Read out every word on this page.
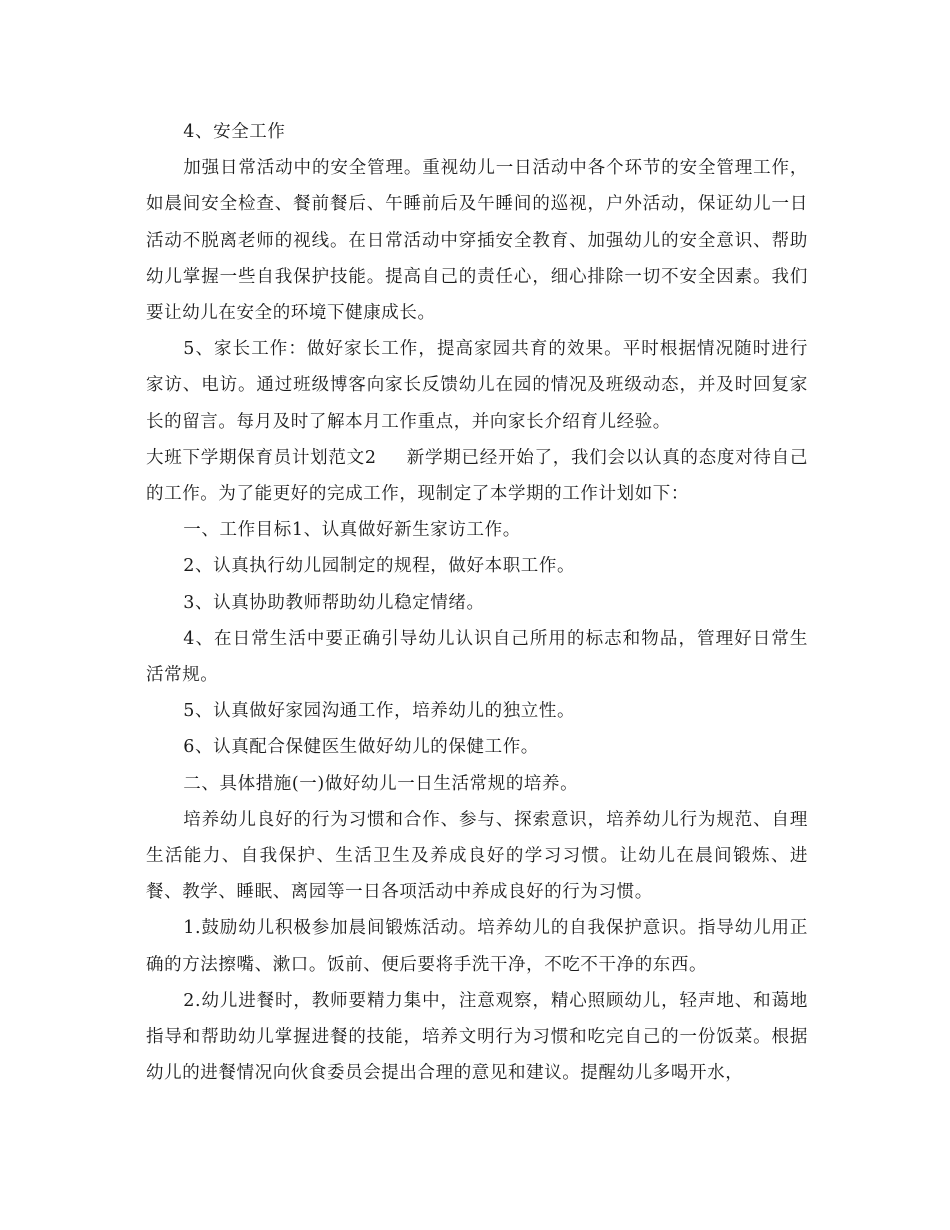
4、安全工作

加强日常活动中的安全管理。重视幼儿一日活动中各个环节的安全管理工作，如晨间安全检查、餐前餐后、午睡前后及午睡间的巡视，户外活动，保证幼儿一日活动不脱离老师的视线。在日常活动中穿插安全教育、加强幼儿的安全意识、帮助幼儿掌握一些自我保护技能。提高自己的责任心，细心排除一切不安全因素。我们要让幼儿在安全的环境下健康成长。

5、家长工作：做好家长工作，提高家园共育的效果。平时根据情况随时进行家访、电访。通过班级博客向家长反馈幼儿在园的情况及班级动态，并及时回复家长的留言。每月及时了解本月工作重点，并向家长介绍育儿经验。

大班下学期保育员计划范文2 新学期已经开始了，我们会以认真的态度对待自己的工作。为了能更好的完成工作，现制定了本学期的工作计划如下：

一、工作目标1、认真做好新生家访工作。

2、认真执行幼儿园制定的规程，做好本职工作。

3、认真协助教师帮助幼儿稳定情绪。

4、在日常生活中要正确引导幼儿认识自己所用的标志和物品，管理好日常生活常规。

5、认真做好家园沟通工作，培养幼儿的独立性。

6、认真配合保健医生做好幼儿的保健工作。

二、具体措施(一)做好幼儿一日生活常规的培养。

培养幼儿良好的行为习惯和合作、参与、探索意识，培养幼儿行为规范、自理生活能力、自我保护、生活卫生及养成良好的学习习惯。让幼儿在晨间锻炼、进餐、教学、睡眠、离园等一日各项活动中养成良好的行为习惯。

1.鼓励幼儿积极参加晨间锻炼活动。培养幼儿的自我保护意识。指导幼儿用正确的方法擦嘴、漱口。饭前、便后要将手洗干净，不吃不干净的东西。

2.幼儿进餐时，教师要精力集中，注意观察，精心照顾幼儿，轻声地、和蔼地指导和帮助幼儿掌握进餐的技能，培养文明行为习惯和吃完自己的一份饭菜。根据幼儿的进餐情况向伙食委员会提出合理的意见和建议。提醒幼儿多喝开水，
